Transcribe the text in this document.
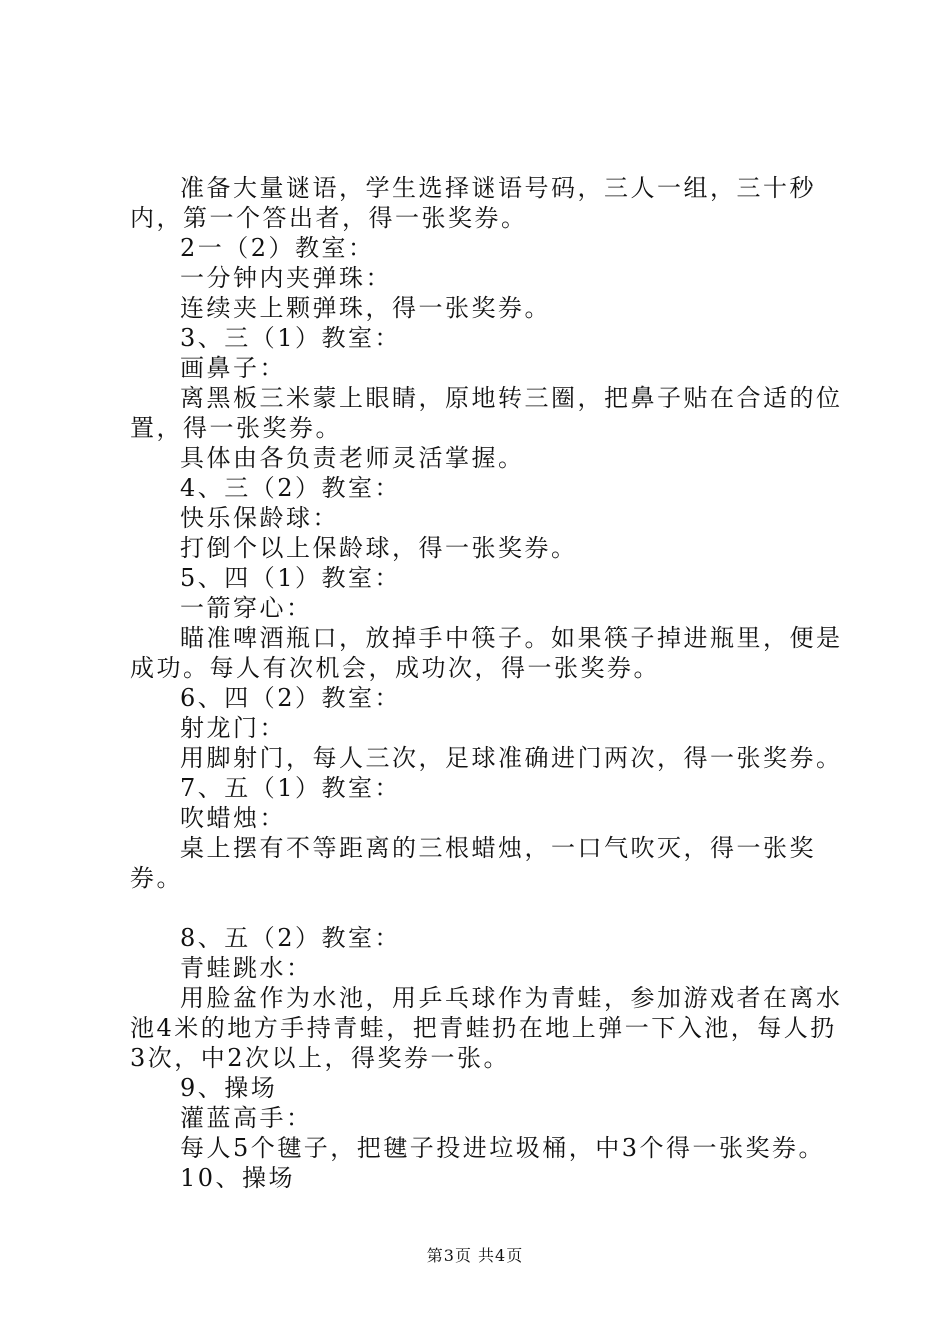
准备大量谜语，学生选择谜语号码，三人一组，三十秒内，第一个答出者，得一张奖券。

2一（2）教室：

一分钟内夹弹珠：

连续夹上颗弹珠，得一张奖券。

3、三（1）教室：

画鼻子：

离黑板三米蒙上眼睛，原地转三圈，把鼻子贴在合适的位置，得一张奖券。

具体由各负责老师灵活掌握。

4、三（2）教室：

快乐保龄球：

打倒个以上保龄球，得一张奖券。

5、四（1）教室：

一箭穿心：

瞄准啤酒瓶口，放掉手中筷子。如果筷子掉进瓶里，便是成功。每人有次机会，成功次，得一张奖券。

6、四（2）教室：

射龙门：

用脚射门，每人三次，足球准确进门两次，得一张奖券。

7、五（1）教室：

吹蜡烛：

桌上摆有不等距离的三根蜡烛，一口气吹灭，得一张奖券。

8、五（2）教室：

青蛙跳水：

用脸盆作为水池，用乒乓球作为青蛙，参加游戏者在离水池4米的地方手持青蛙，把青蛙扔在地上弹一下入池，每人扔3次，中2次以上，得奖券一张。

9、操场

灌蓝高手：

每人5个毽子，把毽子投进垃圾桶，中3个得一张奖券。

10、操场

第3页 共4页
